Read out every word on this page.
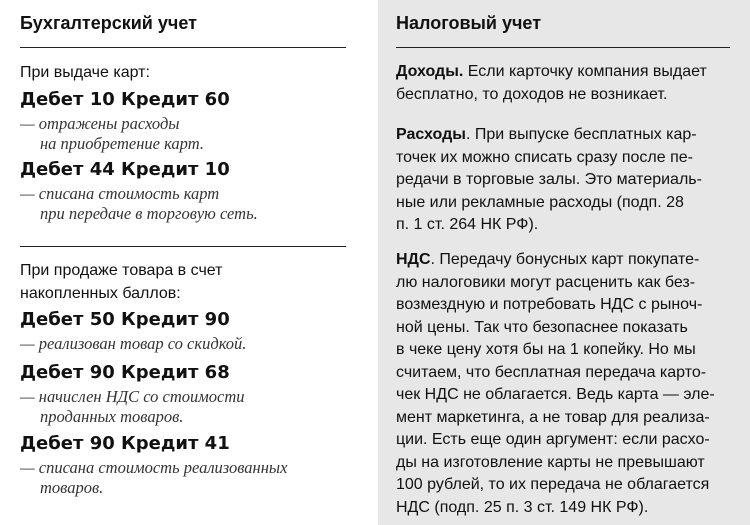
Бухгалтерский учет
При выдаче карт:
Дебет 10 Кредит 60
— отражены расходы
на приобретение карт.
Дебет 44 Кредит 10
— списана стоимость карт
при передаче в торговую сеть.
При продаже товара в счет
накопленных баллов:
Дебет 50 Кредит 90
— реализован товар со скидкой.
Дебет 90 Кредит 68
— начислен НДС со стоимости
проданных товаров.
Дебет 90 Кредит 41
— списана стоимость реализованных
товаров.
Налоговый учет
Доходы. Если карточку компания выдает
бесплатно, то доходов не возникает.
Расходы. При выпуске бесплатных кар-
точек их можно списать сразу после пе-
редачи в торговые залы. Это материаль-
ные или рекламные расходы (подп. 28
п. 1 ст. 264 НК РФ).
НДС. Передачу бонусных карт покупате-
лю налоговики могут расценить как без-
возмездную и потребовать НДС с рыноч-
ной цены. Так что безопаснее показать
в чеке цену хотя бы на 1 копейку. Но мы
считаем, что бесплатная передача карто-
чек НДС не облагается. Ведь карта — эле-
мент маркетинга, а не товар для реализа-
ции. Есть еще один аргумент: если расхо-
ды на изготовление карты не превышают
100 рублей, то их передача не облагается
НДС (подп. 25 п. 3 ст. 149 НК РФ).
